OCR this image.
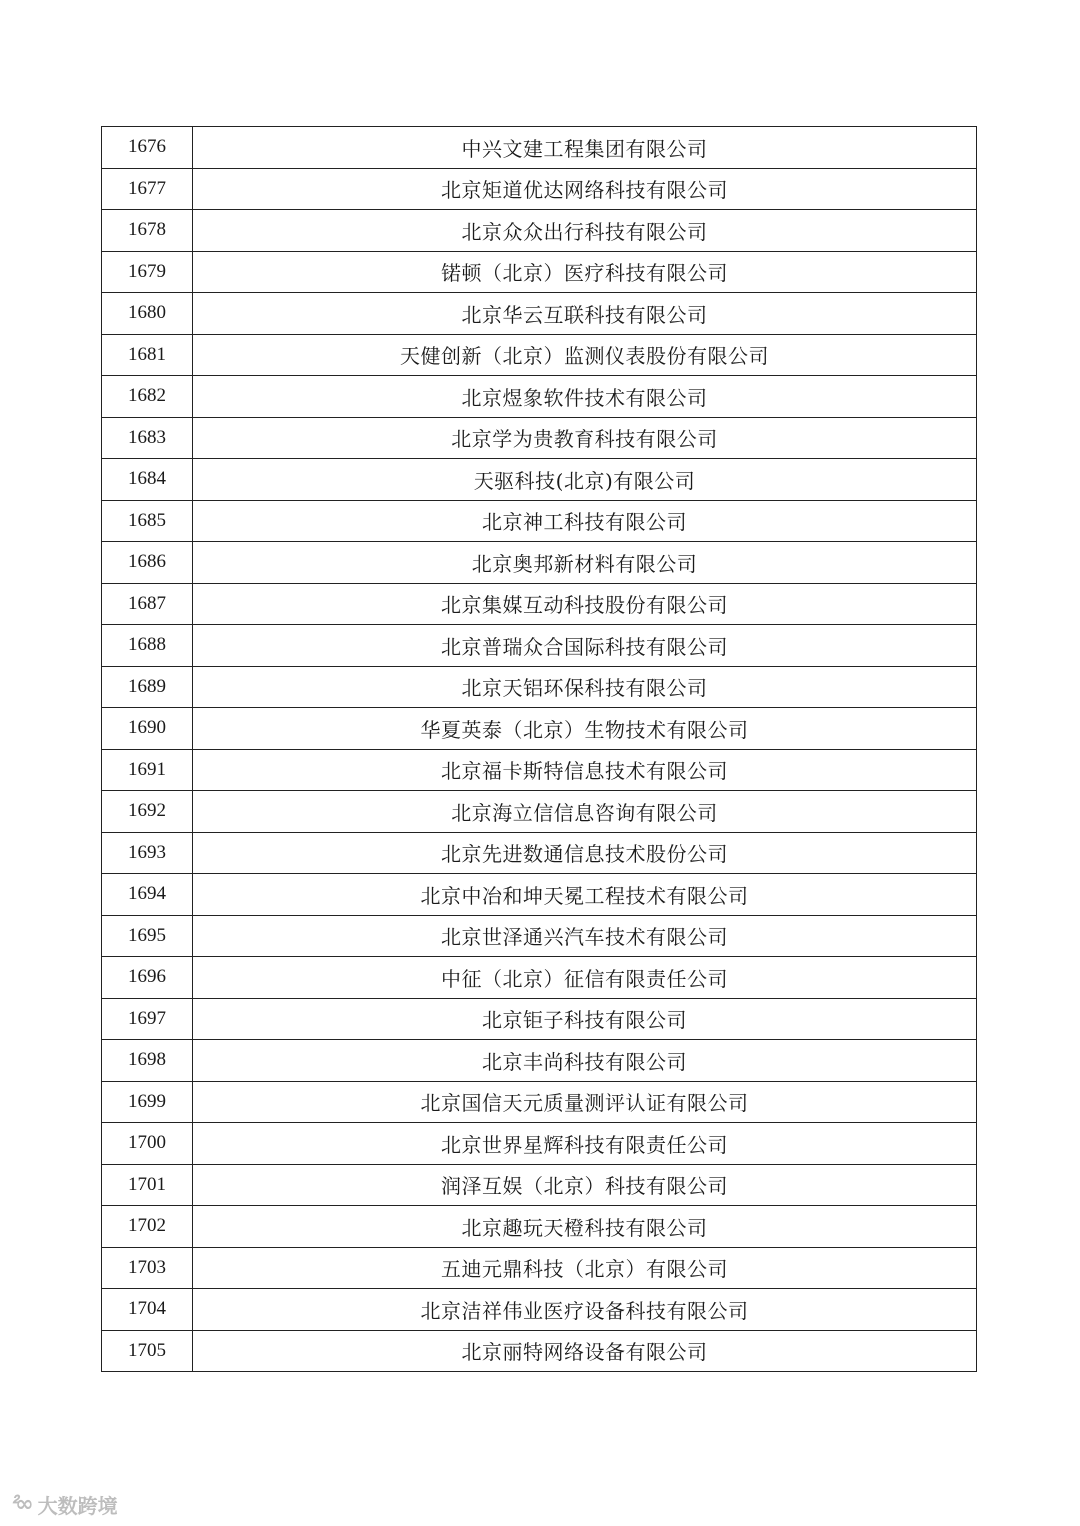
1676	中兴文建工程集团有限公司
1677	北京矩道优达网络科技有限公司
1678	北京众众出行科技有限公司
1679	锘顿（北京）医疗科技有限公司
1680	北京华云互联科技有限公司
1681	天健创新（北京）监测仪表股份有限公司
1682	北京煜象软件技术有限公司
1683	北京学为贵教育科技有限公司
1684	天驱科技(北京)有限公司
1685	北京神工科技有限公司
1686	北京奥邦新材料有限公司
1687	北京集媒互动科技股份有限公司
1688	北京普瑞众合国际科技有限公司
1689	北京天铝环保科技有限公司
1690	华夏英泰（北京）生物技术有限公司
1691	北京福卡斯特信息技术有限公司
1692	北京海立信信息咨询有限公司
1693	北京先进数通信息技术股份公司
1694	北京中冶和坤天冕工程技术有限公司
1695	北京世泽通兴汽车技术有限公司
1696	中征（北京）征信有限责任公司
1697	北京钜子科技有限公司
1698	北京丰尚科技有限公司
1699	北京国信天元质量测评认证有限公司
1700	北京世界星辉科技有限责任公司
1701	润泽互娱（北京）科技有限公司
1702	北京趣玩天橙科技有限公司
1703	五迪元鼎科技（北京）有限公司
1704	北京洁祥伟业医疗设备科技有限公司
1705	北京丽特网络设备有限公司
ᒾ∞ 大数跨境
